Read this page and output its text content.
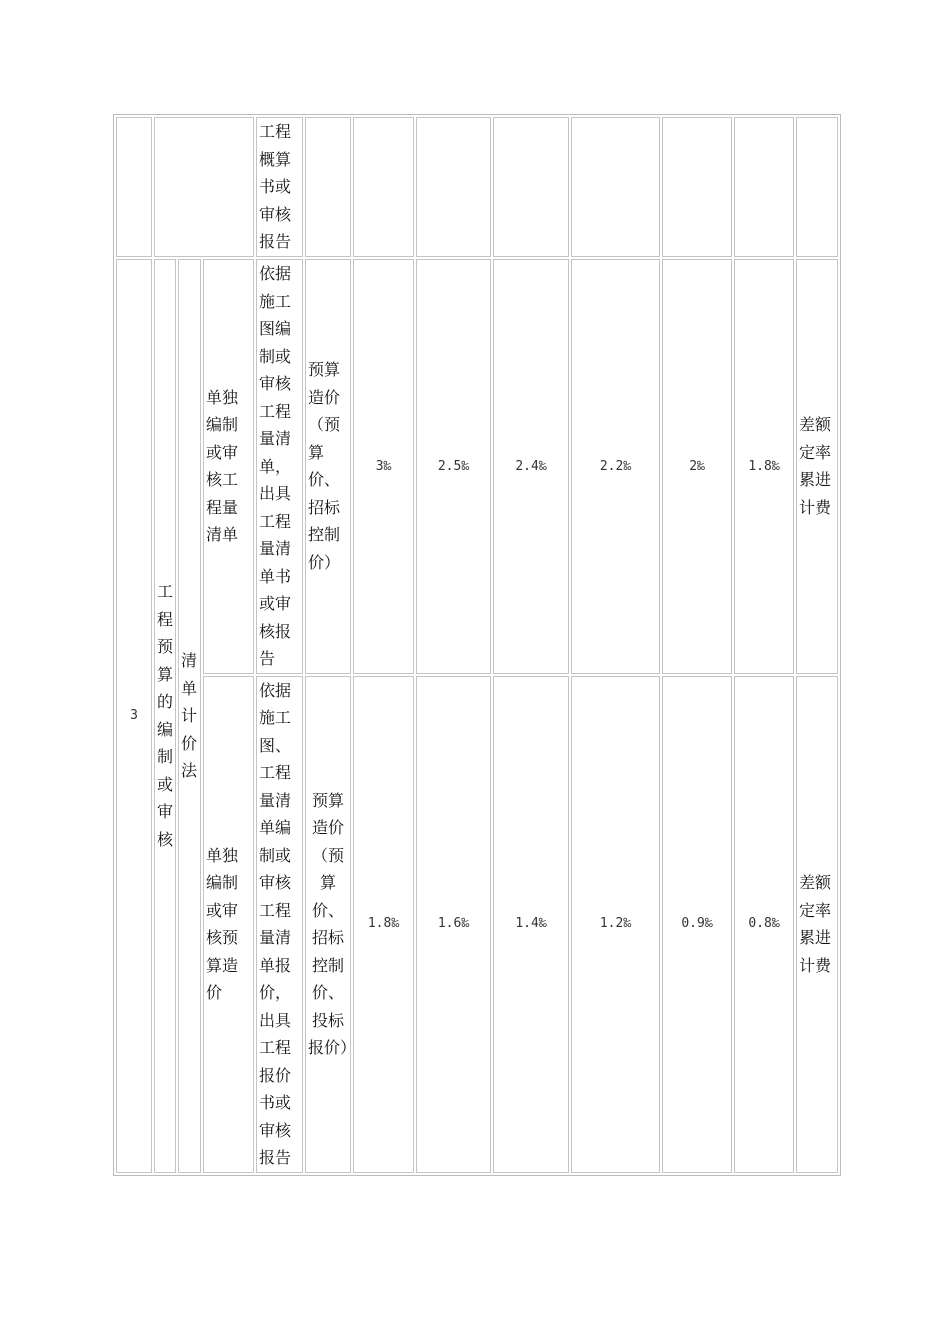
				工程概算书或审核报告								
3	工程预算的编制或审核	清单计价法	单独编制或审核工程量清单	依据施工图编制或审核工程量清单，出具工程量清单书或审核报告	预算造价（预算价、招标控制价）	3‰	2.5‰	2.4‰	2.2‰	2‰	1.8‰	差额定率累进计费
			单独编制或审核预算造价	依据施工图、工程量清单编制或审核工程量清单报价，出具工程报价书或审核报告	预算造价（预算价、招标控制价、投标报价）	1.8‰	1.6‰	1.4‰	1.2‰	0.9‰	0.8‰	差额定率累进计费
